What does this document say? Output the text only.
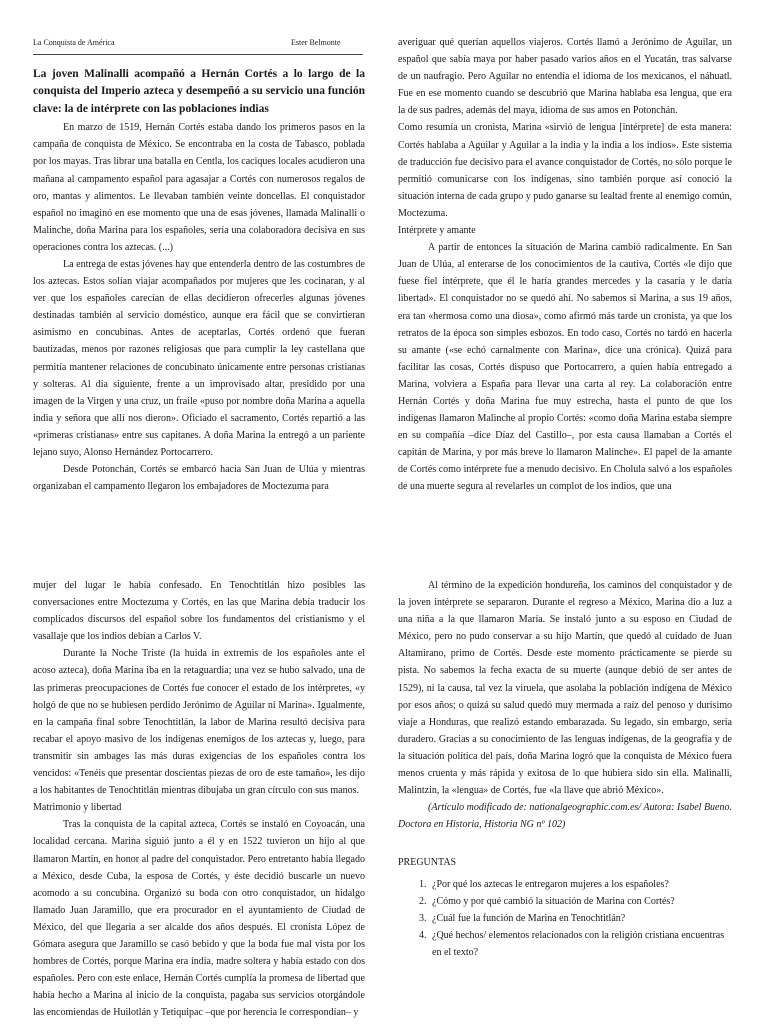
La Conquista de América	Ester Belmonte

La joven Malinalli acompañó a Hernán Cortés a lo largo de la conquista del Imperio azteca y desempeñó a su servicio una función clave: la de intérprete con las poblaciones indias

En marzo de 1519, Hernán Cortés estaba dando los primeros pasos en la campaña de conquista de México. Se encontraba en la costa de Tabasco, poblada por los mayas. Tras librar una batalla en Centla, los caciques locales acudieron una mañana al campamento español para agasajar a Cortés con numerosos regalos de oro, mantas y alimentos. Le llevaban también veinte doncellas. El conquistador español no imaginó en ese momento que una de esas jóvenes, llamada Malinalli o Malinche, doña Marina para los españoles, sería una colaboradora decisiva en sus operaciones contra los aztecas. (...)

La entrega de estas jóvenes hay que entenderla dentro de las costumbres de los aztecas. Estos solían viajar acompañados por mujeres que les cocinaran, y al ver que los españoles carecían de ellas decidieron ofrecerles algunas jóvenes destinadas también al servicio doméstico, aunque era fácil que se convirtieran asimismo en concubinas. Antes de aceptarlas, Cortés ordenó que fueran bautizadas, menos por razones religiosas que para cumplir la ley castellana que permitía mantener relaciones de concubinato únicamente entre personas cristianas y solteras. Al día siguiente, frente a un improvisado altar, presidido por una imagen de la Virgen y una cruz, un fraile «puso por nombre doña Marina a aquella india y señora que allí nos dieron». Oficiado el sacramento, Cortés repartió a las «primeras cristianas» entre sus capitanes. A doña Marina la entregó a un pariente lejano suyo, Alonso Hernández Portocarrero.

Desde Potonchán, Cortés se embarcó hacia San Juan de Ulúa y mientras organizaban el campamento llegaron los embajadores de Moctezuma para

averiguar qué querían aquellos viajeros. Cortés llamó a Jerónimo de Aguilar, un español que sabía maya por haber pasado varios años en el Yucatán, tras salvarse de un naufragio. Pero Aguilar no entendía el idioma de los mexicanos, el náhuatl. Fue en ese momento cuando se descubrió que Marina hablaba esa lengua, que era la de sus padres, además del maya, idioma de sus amos en Potonchán.

Como resumía un cronista, Marina «sirvió de lengua [intérprete] de esta manera: Cortés hablaba a Aguilar y Aguilar a la india y la india a los indios». Este sistema de traducción fue decisivo para el avance conquistador de Cortés, no sólo porque le permitió comunicarse con los indígenas, sino también porque así conoció la situación interna de cada grupo y pudo ganarse su lealtad frente al enemigo común, Moctezuma.

Intérprete y amante

A partir de entonces la situación de Marina cambió radicalmente. En San Juan de Ulúa, al enterarse de los conocimientos de la cautiva, Cortés «le dijo que fuese fiel intérprete, que él le haría grandes mercedes y la casaría y le daría libertad». El conquistador no se quedó ahí. No sabemos si Marina, a sus 19 años, era tan «hermosa como una diosa», como afirmó más tarde un cronista, ya que los retratos de la época son simples esbozos. En todo caso, Cortés no tardó en hacerla su amante («se echó carnalmente con Marina», dice una crónica). Quizá para facilitar las cosas, Cortés dispuso que Portocarrero, a quien había entregado a Marina, volviera a España para llevar una carta al rey. La colaboración entre Hernán Cortés y doña Marina fue muy estrecha, hasta el punto de que los indígenas llamaron Malinche al propio Cortés: «como doña Marina estaba siempre en su compañía –dice Díaz del Castillo–, por esta causa llamaban a Cortés el capitán de Marina, y por más breve lo llamaron Malinche». El papel de la amante de Cortés como intérprete fue a menudo decisivo. En Cholula salvó a los españoles de una muerte segura al revelarles un complot de los indios, que una

mujer del lugar le había confesado. En Tenochtitlán hizo posibles las conversaciones entre Moctezuma y Cortés, en las que Marina debía traducir los complicados discursos del español sobre los fundamentos del cristianismo y el vasallaje que los indios debían a Carlos V.

Durante la Noche Triste (la huida in extremis de los españoles ante el acoso azteca), doña Marina iba en la retaguardia; una vez se hubo salvado, una de las primeras preocupaciones de Cortés fue conocer el estado de los intérpretes, «y holgó de que no se hubiesen perdido Jerónimo de Aguilar ni Marina». Igualmente, en la campaña final sobre Tenochtitlán, la labor de Marina resultó decisiva para recabar el apoyo masivo de los indígenas enemigos de los aztecas y, luego, para transmitir sin ambages las más duras exigencias de los españoles contra los vencidos: «Tenéis que presentar doscientas piezas de oro de este tamaño», les dijo a los habitantes de Tenochtitlán mientras dibujaba un gran círculo con sus manos.

Matrimonio y libertad

Tras la conquista de la capital azteca, Cortés se instaló en Coyoacán, una localidad cercana. Marina siguió junto a él y en 1522 tuvieron un hijo al que llamaron Martín, en honor al padre del conquistador. Pero entretanto había llegado a México, desde Cuba, la esposa de Cortés, y éste decidió buscarle un nuevo acomodo a su concubina. Organizó su boda con otro conquistador, un hidalgo llamado Juan Jaramillo, que era procurador en el ayuntamiento de Ciudad de México, del que llegaría a ser alcalde dos años después. El cronista López de Gómara asegura que Jaramillo se casó bebido y que la boda fue mal vista por los hombres de Cortés, porque Marina era india, madre soltera y había estado con dos españoles. Pero con este enlace, Hernán Cortés cumplía la promesa de libertad que había hecho a Marina al inicio de la conquista, pagaba sus servicios otorgándole las encomiendas de Huilotlán y Tetiquipac –que por herencia le correspondían– y

Al término de la expedición hondureña, los caminos del conquistador y de la joven intérprete se separaron. Durante el regreso a México, Marina dio a luz a una niña a la que llamaron María. Se instaló junto a su esposo en Ciudad de México, pero no pudo conservar a su hijo Martín, que quedó al cuidado de Juan Altamirano, primo de Cortés. Desde este momento prácticamente se pierde su pista. No sabemos la fecha exacta de su muerte (aunque debió de ser antes de 1529), ni la causa, tal vez la viruela, que asolaba la población indígena de México por esos años; o quizá su salud quedó muy mermada a raíz del penoso y durísimo viaje a Honduras, que realizó estando embarazada. Su legado, sin embargo, sería duradero. Gracias a su conocimiento de las lenguas indígenas, de la geografía y de la situación política del país, doña Marina logró que la conquista de México fuera menos cruenta y más rápida y exitosa de lo que hubiera sido sin ella. Malinalli, Malintzin, la «lengua» de Cortés, fue «la llave que abrió México».

(Artículo modificado de: nationalgeographic.com.es/ Autora: Isabel Bueno. Doctora en Historia, Historia NG nº 102)

PREGUNTAS

1. ¿Por qué los aztecas le entregaron mujeres a los españoles?
2. ¿Cómo y por qué cambió la situación de Marina con Cortés?
3. ¿Cuál fue la función de Marina en Tenochtitlán?
4. ¿Qué hechos/ elementos relacionados con la religión cristiana encuentras en el texto?
